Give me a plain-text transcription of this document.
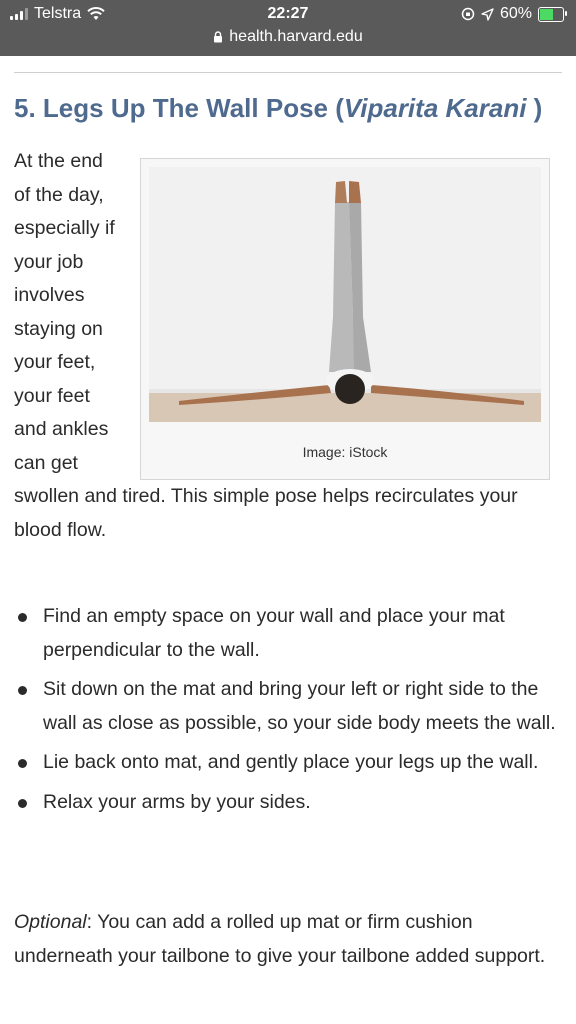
Telstra	22:27	60%
health.harvard.edu
5. Legs Up The Wall Pose (Viparita Karani )
Image: iStock
At the end of the day, especially if your job involves staying on your feet, your feet and ankles can get swollen and tired. This simple pose helps recirculates your blood flow.
Find an empty space on your wall and place your mat perpendicular to the wall.
Sit down on the mat and bring your left or right side to the wall as close as possible, so your side body meets the wall.
Lie back onto mat, and gently place your legs up the wall.
Relax your arms by your sides.

Optional: You can add a rolled up mat or firm cushion underneath your tailbone to give your tailbone added support.
